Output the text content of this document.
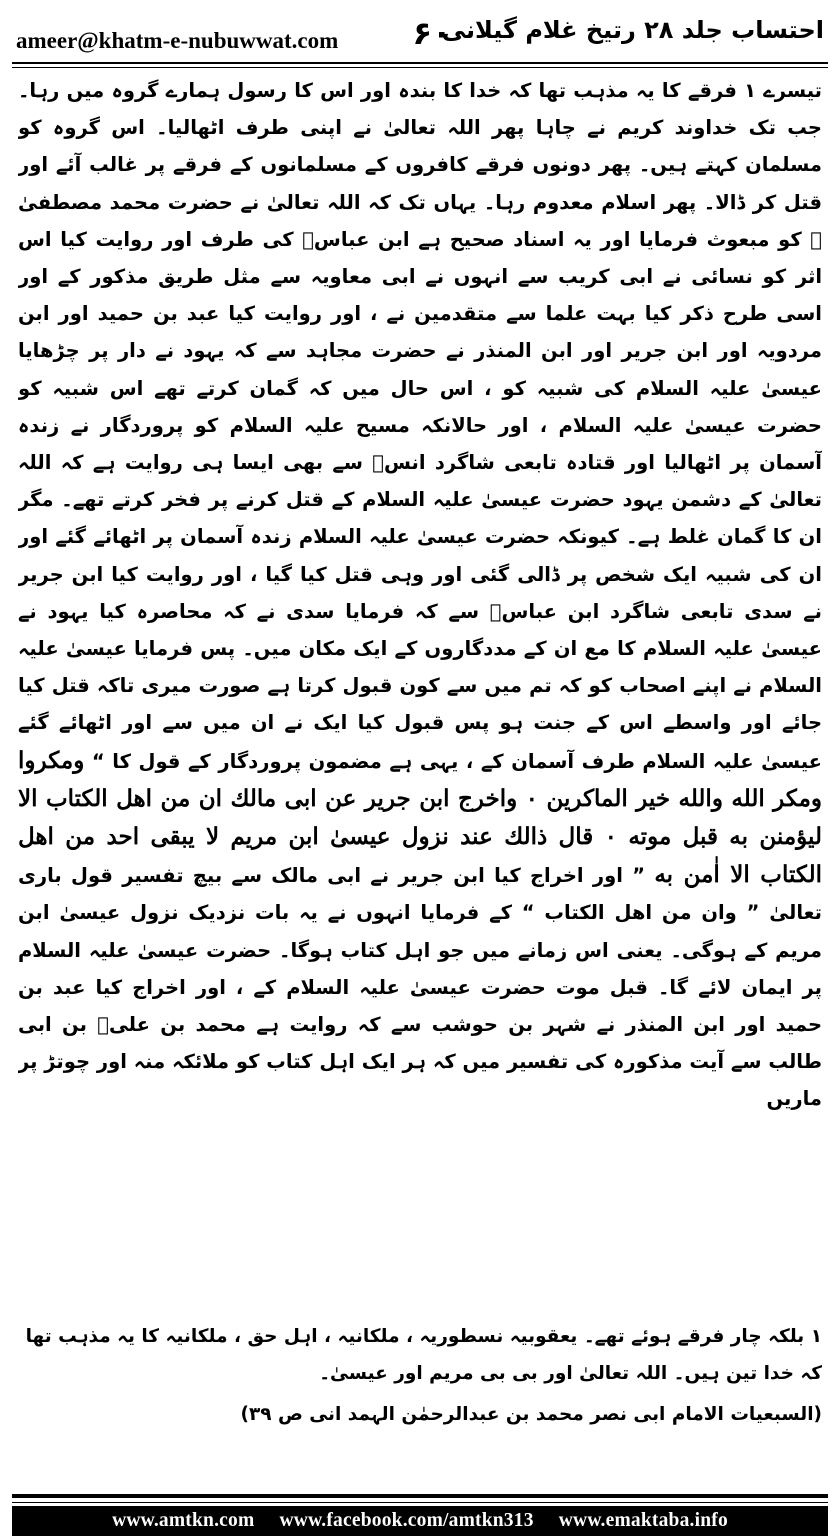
ameer@khatm-e-nubuwwat.com	۶۰
احتساب جلد ۲۸ رتیخ غلام گیلانی

تیسرے ۱ فرقے کا یہ مذہب تھا کہ خدا کا بندہ اور اس کا رسول ہمارے گروہ میں رہا۔ جب تک خداوند کریم نے چاہا پھر اللہ تعالیٰ نے اپنی طرف اٹھالیا۔ اس گروہ کو مسلمان کہتے ہیں۔ پھر دونوں فرقے کافروں کے مسلمانوں کے فرقے پر غالب آئے اور قتل کر ڈالا۔ پھر اسلام معدوم رہا۔ یہاں تک کہ اللہ تعالیٰ نے حضرت محمد مصطفیٰ ﷺ کو مبعوث فرمایا اور یہ اسناد صحیح ہے ابن عباسؓ کی طرف اور روایت کیا اس اثر کو نسائی نے ابی کریب سے انہوں نے ابی معاویہ سے مثل طریق مذکور کے اور اسی طرح ذکر کیا بہت علما سے متقدمین نے ، اور روایت کیا عبد بن حمید اور ابن مردویہ اور ابن جریر اور ابن المنذر نے حضرت مجاہد سے کہ یہود نے دار پر چڑھایا عیسیٰ علیہ السلام کی شبیہ کو ، اس حال میں کہ گمان کرتے تھے اس شبیہ کو حضرت عیسیٰ علیہ السلام ، اور حالانکہ مسیح علیہ السلام کو پروردگار نے زندہ آسمان پر اٹھالیا اور قتادہ تابعی شاگرد انسؓ سے بھی ایسا ہی روایت ہے کہ اللہ تعالیٰ کے دشمن یہود حضرت عیسیٰ علیہ السلام کے قتل کرنے پر فخر کرتے تھے۔ مگر ان کا گمان غلط ہے۔ کیونکہ حضرت عیسیٰ علیہ السلام زندہ آسمان پر اٹھائے گئے اور ان کی شبیہ ایک شخص پر ڈالی گئی اور وہی قتل کیا گیا ، اور روایت کیا ابن جریر نے سدی تابعی شاگرد ابن عباسؓ سے کہ فرمایا سدی نے کہ محاصرہ کیا یہود نے عیسیٰ علیہ السلام کا مع ان کے مددگاروں کے ایک مکان میں۔ پس فرمایا عیسیٰ علیہ السلام نے اپنے اصحاب کو کہ تم میں سے کون قبول کرتا ہے صورت میری تاکہ قتل کیا جائے اور واسطے اس کے جنت ہو پس قبول کیا ایک نے ان میں سے اور اٹھائے گئے عیسیٰ علیہ السلام طرف آسمان کے ، یہی ہے مضمون پروردگار کے قول کا “ ومكروا ومكر الله والله خير الماكرين ۰ واخرج ابن جرير عن ابى مالك ان من اهل الكتاب الا ليؤمنن به قبل موته ۰ قال ذالك عند نزول عيسىٰ ابن مريم لا يبقى احد من اهل الكتاب الا اٰمن به ” اور اخراج کیا ابن جریر نے ابی مالک سے بیچ تفسیر قول باری تعالیٰ ” وان من اهل الكتاب “ کے فرمایا انہوں نے یہ بات نزدیک نزول عیسیٰ ابن مریم کے ہوگی۔ یعنی اس زمانے میں جو اہل کتاب ہوگا۔ حضرت عیسیٰ علیہ السلام پر ایمان لائے گا۔ قبل موت حضرت عیسیٰ علیہ السلام کے ، اور اخراج کیا عبد بن حمید اور ابن المنذر نے شہر بن حوشب سے کہ روایت ہے محمد بن علیؓ بن ابی طالب سے آیت مذکورہ کی تفسیر میں کہ ہر ایک اہل کتاب کو ملائکہ منہ اور چوتڑ پر ماریں

۱ بلکہ چار فرقے ہوئے تھے۔ یعقوبیہ نسطوریہ ، ملکانیہ ، اہل حق ، ملکانیہ کا یہ مذہب تھا کہ خدا تین ہیں۔ اللہ تعالیٰ اور بی بی مریم اور عیسیٰ۔

(السبعیات الامام ابی نصر محمد بن عبدالرحمٰن الہمد انی ص ۳۹)

www.amtkn.com www.facebook.com/amtkn313 www.emaktaba.info
